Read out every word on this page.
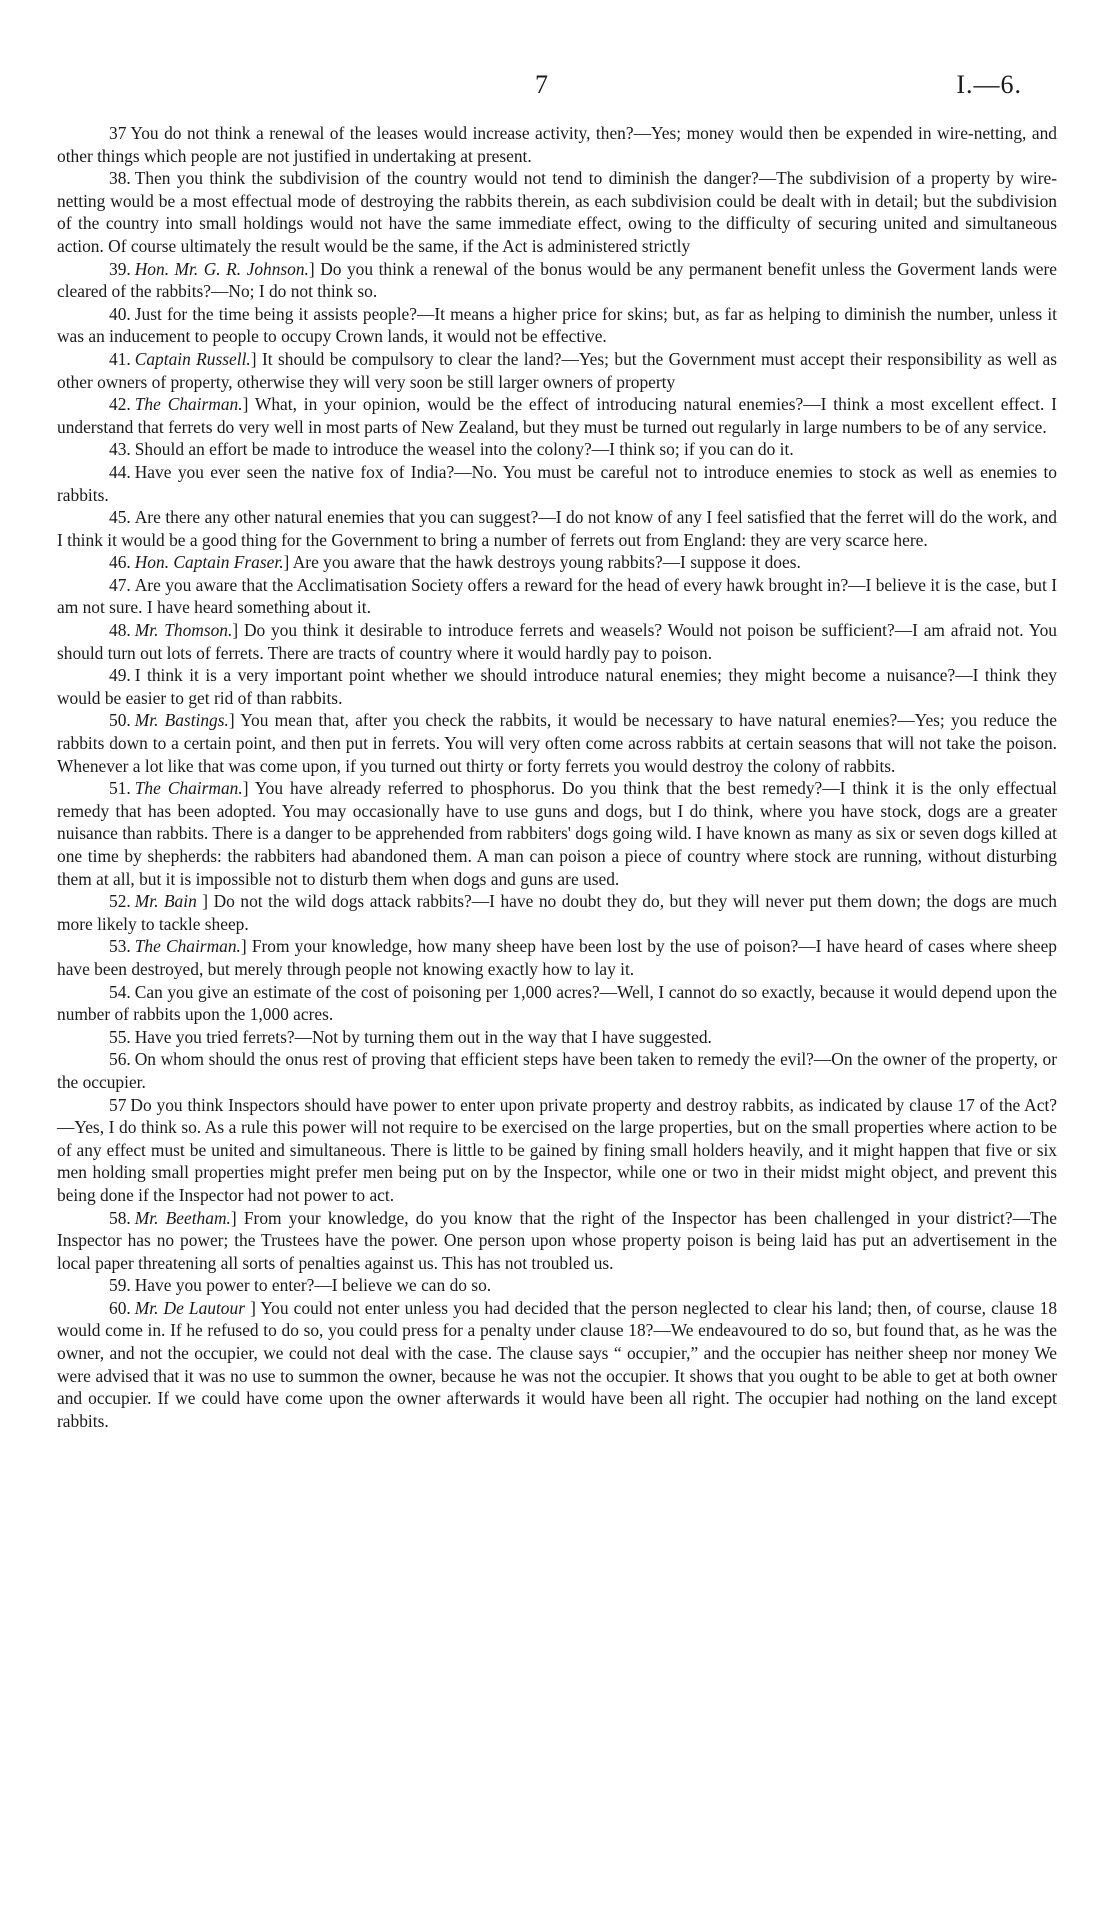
7	I.—6.

37 You do not think a renewal of the leases would increase activity, then?—Yes; money would then be expended in wire-netting, and other things which people are not justified in undertaking at present.

38. Then you think the subdivision of the country would not tend to diminish the danger?—The subdivision of a property by wire-netting would be a most effectual mode of destroying the rabbits therein, as each subdivision could be dealt with in detail; but the subdivision of the country into small holdings would not have the same immediate effect, owing to the difficulty of securing united and simultaneous action. Of course ultimately the result would be the same, if the Act is administered strictly

39. Hon. Mr. G. R. Johnson.] Do you think a renewal of the bonus would be any permanent benefit unless the Goverment lands were cleared of the rabbits?—No; I do not think so.

40. Just for the time being it assists people?—It means a higher price for skins; but, as far as helping to diminish the number, unless it was an inducement to people to occupy Crown lands, it would not be effective.

41. Captain Russell.] It should be compulsory to clear the land?—Yes; but the Government must accept their responsibility as well as other owners of property, otherwise they will very soon be still larger owners of property

42. The Chairman.] What, in your opinion, would be the effect of introducing natural enemies?—I think a most excellent effect. I understand that ferrets do very well in most parts of New Zealand, but they must be turned out regularly in large numbers to be of any service.

43. Should an effort be made to introduce the weasel into the colony?—I think so; if you can do it.

44. Have you ever seen the native fox of India?—No. You must be careful not to introduce enemies to stock as well as enemies to rabbits.

45. Are there any other natural enemies that you can suggest?—I do not know of any I feel satisfied that the ferret will do the work, and I think it would be a good thing for the Government to bring a number of ferrets out from England: they are very scarce here.

46. Hon. Captain Fraser.] Are you aware that the hawk destroys young rabbits?—I suppose it does.

47. Are you aware that the Acclimatisation Society offers a reward for the head of every hawk brought in?—I believe it is the case, but I am not sure. I have heard something about it.

48. Mr. Thomson.] Do you think it desirable to introduce ferrets and weasels? Would not poison be sufficient?—I am afraid not. You should turn out lots of ferrets. There are tracts of country where it would hardly pay to poison.

49. I think it is a very important point whether we should introduce natural enemies; they might become a nuisance?—I think they would be easier to get rid of than rabbits.

50. Mr. Bastings.] You mean that, after you check the rabbits, it would be necessary to have natural enemies?—Yes; you reduce the rabbits down to a certain point, and then put in ferrets. You will very often come across rabbits at certain seasons that will not take the poison. Whenever a lot like that was come upon, if you turned out thirty or forty ferrets you would destroy the colony of rabbits.

51. The Chairman.] You have already referred to phosphorus. Do you think that the best remedy?—I think it is the only effectual remedy that has been adopted. You may occasionally have to use guns and dogs, but I do think, where you have stock, dogs are a greater nuisance than rabbits. There is a danger to be apprehended from rabbiters' dogs going wild. I have known as many as six or seven dogs killed at one time by shepherds: the rabbiters had abandoned them. A man can poison a piece of country where stock are running, without disturbing them at all, but it is impossible not to disturb them when dogs and guns are used.

52. Mr. Bain ] Do not the wild dogs attack rabbits?—I have no doubt they do, but they will never put them down; the dogs are much more likely to tackle sheep.

53. The Chairman.] From your knowledge, how many sheep have been lost by the use of poison?—I have heard of cases where sheep have been destroyed, but merely through people not knowing exactly how to lay it.

54. Can you give an estimate of the cost of poisoning per 1,000 acres?—Well, I cannot do so exactly, because it would depend upon the number of rabbits upon the 1,000 acres.

55. Have you tried ferrets?—Not by turning them out in the way that I have suggested.

56. On whom should the onus rest of proving that efficient steps have been taken to remedy the evil?—On the owner of the property, or the occupier.

57 Do you think Inspectors should have power to enter upon private property and destroy rabbits, as indicated by clause 17 of the Act?—Yes, I do think so. As a rule this power will not require to be exercised on the large properties, but on the small properties where action to be of any effect must be united and simultaneous. There is little to be gained by fining small holders heavily, and it might happen that five or six men holding small properties might prefer men being put on by the Inspector, while one or two in their midst might object, and prevent this being done if the Inspector had not power to act.

58. Mr. Beetham.] From your knowledge, do you know that the right of the Inspector has been challenged in your district?—The Inspector has no power; the Trustees have the power. One person upon whose property poison is being laid has put an advertisement in the local paper threatening all sorts of penalties against us. This has not troubled us.

59. Have you power to enter?—I believe we can do so.

60. Mr. De Lautour ] You could not enter unless you had decided that the person neglected to clear his land; then, of course, clause 18 would come in. If he refused to do so, you could press for a penalty under clause 18?—We endeavoured to do so, but found that, as he was the owner, and not the occupier, we could not deal with the case. The clause says “ occupier,” and the occupier has neither sheep nor money We were advised that it was no use to summon the owner, because he was not the occupier. It shows that you ought to be able to get at both owner and occupier. If we could have come upon the owner afterwards it would have been all right. The occupier had nothing on the land except rabbits.
